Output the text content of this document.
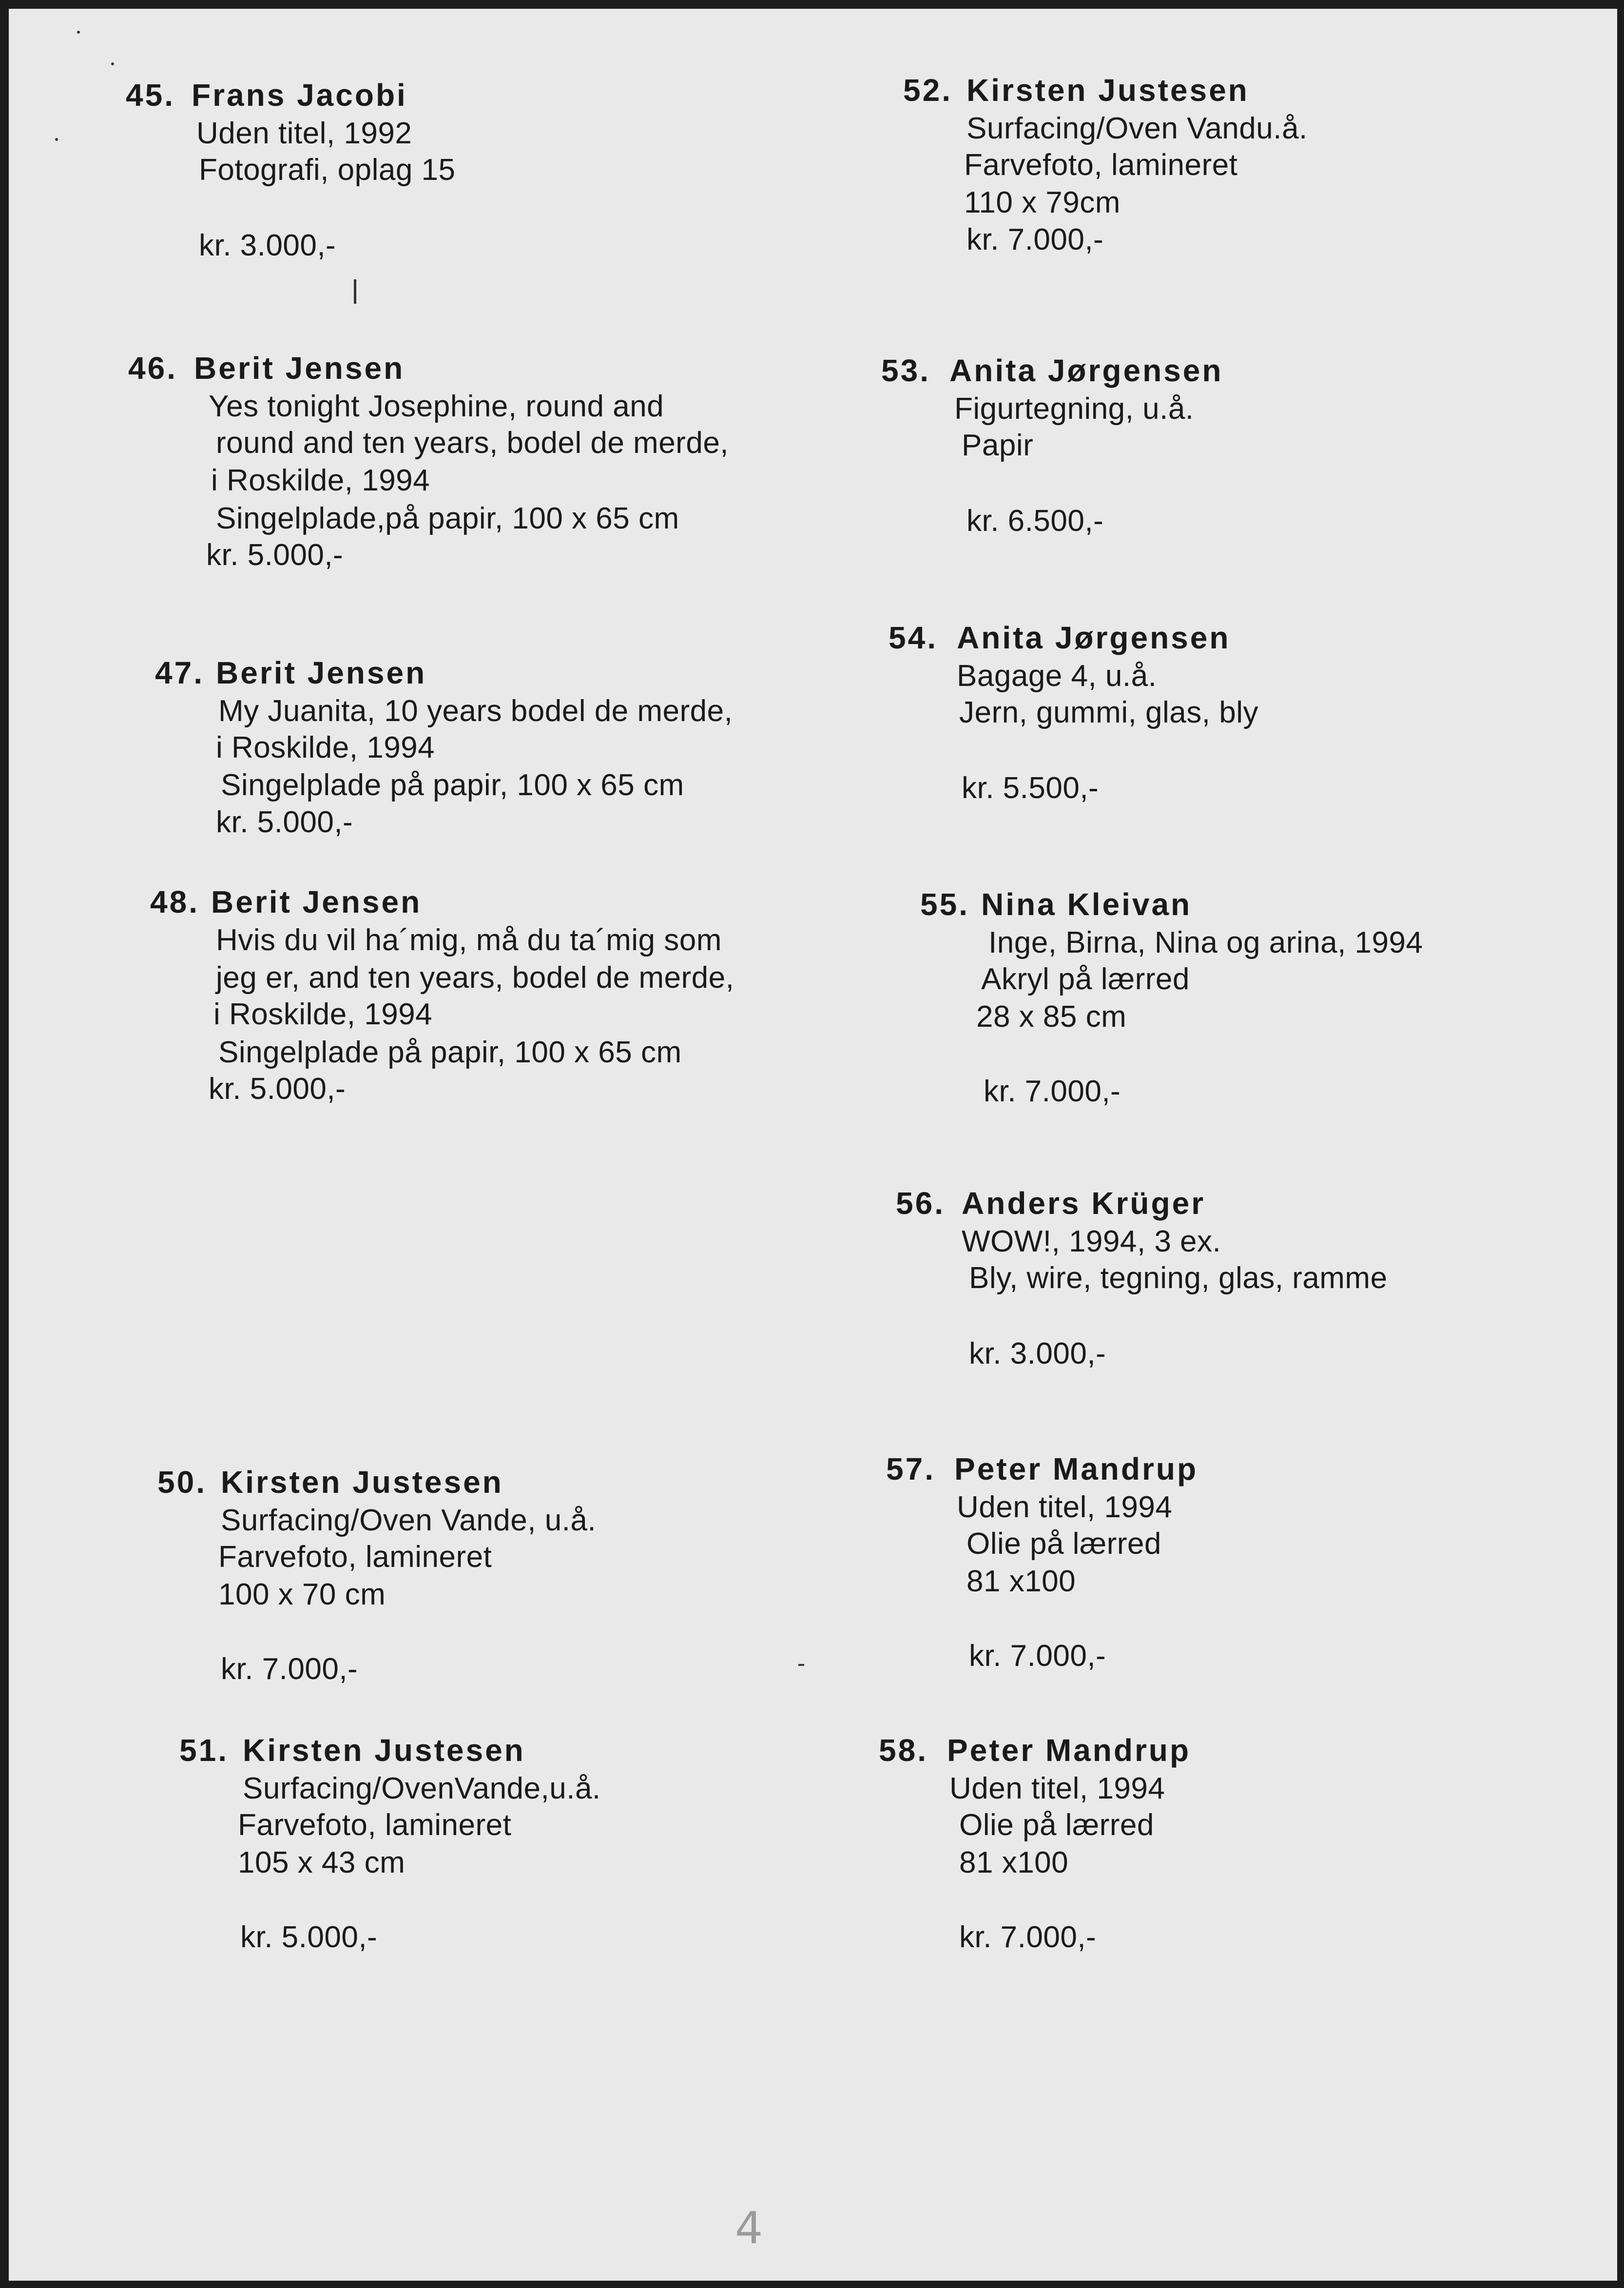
45. Frans Jacobi
Uden titel, 1992
Fotografi, oplag 15
kr. 3.000,-
46. Berit Jensen
Yes tonight Josephine, round and
round and ten years, bodel de merde,
i Roskilde, 1994
Singelplade,på papir, 100 x 65 cm
kr. 5.000,-
47. Berit Jensen
My Juanita, 10 years bodel de merde,
i Roskilde, 1994
Singelplade på papir, 100 x 65 cm
kr. 5.000,-
48. Berit Jensen
Hvis du vil ha´mig, må du ta´mig som
jeg er, and ten years, bodel de merde,
i Roskilde, 1994
Singelplade på papir, 100 x 65 cm
kr. 5.000,-
50. Kirsten Justesen
Surfacing/Oven Vande, u.å.
Farvefoto, lamineret
100 x 70 cm
kr. 7.000,-
51. Kirsten Justesen
Surfacing/OvenVande,u.å.
Farvefoto, lamineret
105 x 43 cm
kr. 5.000,-
52. Kirsten Justesen
Surfacing/Oven Vandu.å.
Farvefoto, lamineret
110 x 79cm
kr. 7.000,-
53. Anita Jørgensen
Figurtegning, u.å.
Papir
kr. 6.500,-
54. Anita Jørgensen
Bagage 4, u.å.
Jern, gummi, glas, bly
kr. 5.500,-
55. Nina Kleivan
Inge, Birna, Nina og arina, 1994
Akryl på lærred
28 x 85 cm
kr. 7.000,-
56. Anders Krüger
WOW!, 1994, 3 ex.
Bly, wire, tegning, glas, ramme
kr. 3.000,-
57. Peter Mandrup
Uden titel, 1994
Olie på lærred
81 x100
kr. 7.000,-
58. Peter Mandrup
Uden titel, 1994
Olie på lærred
81 x100
kr. 7.000,-
4
